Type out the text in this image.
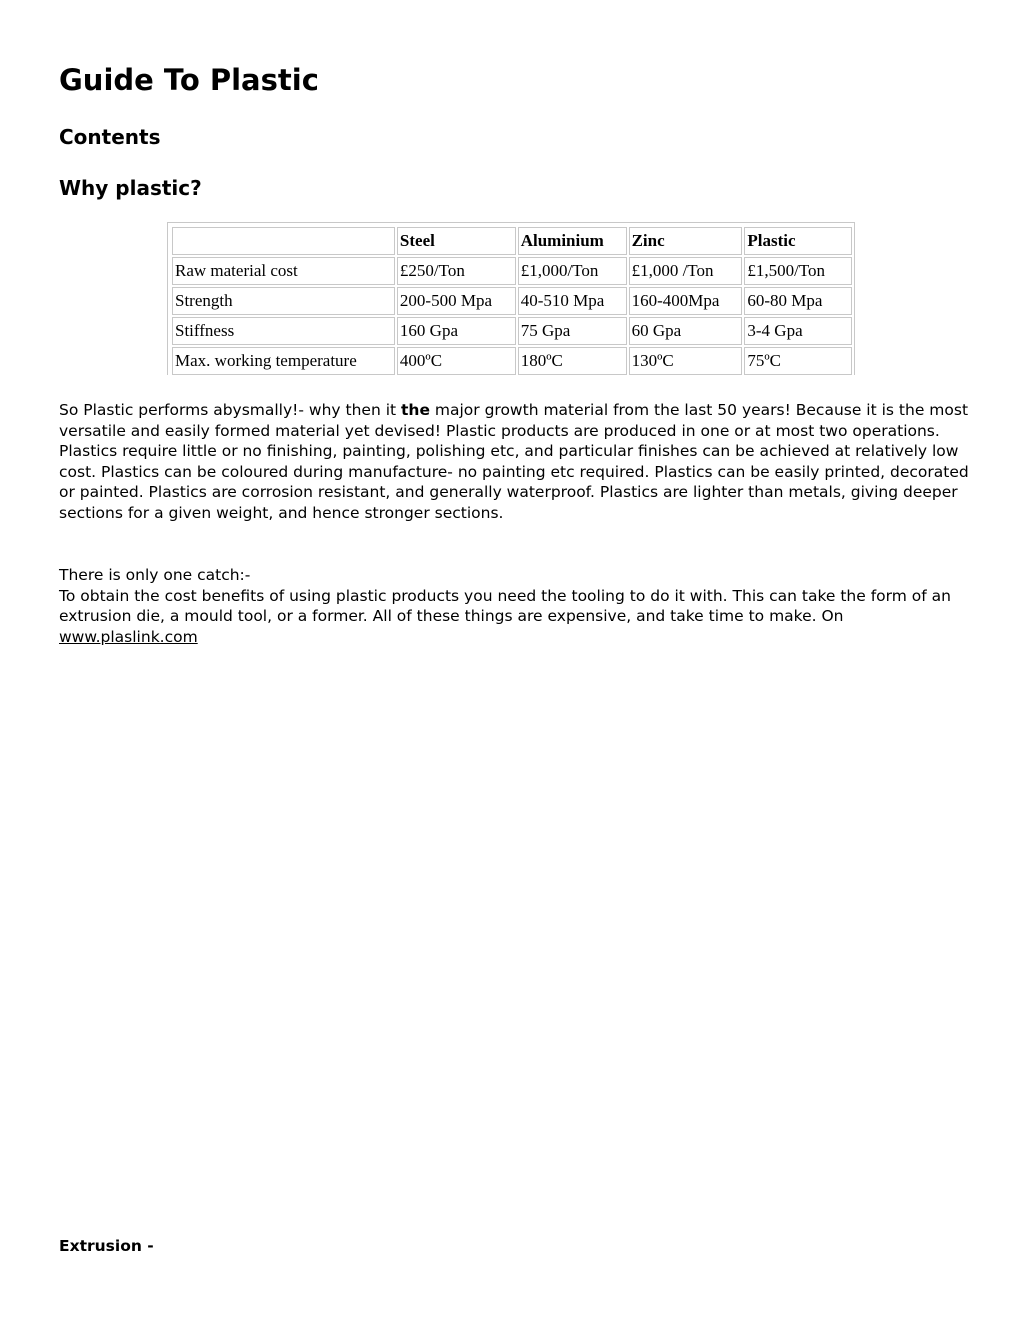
Guide To Plastic
Contents
Why plastic?
	Steel	Aluminium	Zinc	Plastic
Raw material cost	£250/Ton	£1,000/Ton	£1,000 /Ton	£1,500/Ton
Strength	200-500 Mpa	40-510 Mpa	160-400Mpa	60-80 Mpa
Stiffness	160 Gpa	75 Gpa	60 Gpa	3-4 Gpa
Max. working temperature	400ºC	180ºC	130ºC	75ºC

So Plastic performs abysmally!- why then it the major growth material from the last 50 years! Because it is the most versatile and easily formed material yet devised! Plastic products are produced in one or at most two operations. Plastics require little or no finishing, painting, polishing etc, and particular finishes can be achieved at relatively low cost. Plastics can be coloured during manufacture- no painting etc required. Plastics can be easily printed, decorated or painted. Plastics are corrosion resistant, and generally waterproof. Plastics are lighter than metals, giving deeper sections for a given weight, and hence stronger sections.

There is only one catch:-
To obtain the cost benefits of using plastic products you need the tooling to do it with. This can take the form of an extrusion die, a mould tool, or a former. All of these things are expensive, and take time to make. On www.plaslink.com

Extrusion -
